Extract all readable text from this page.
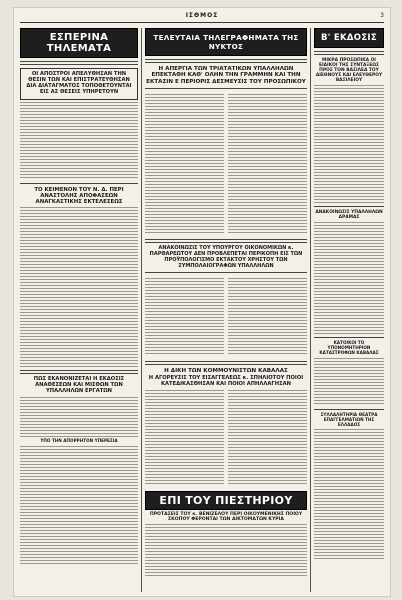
ΙΣΘΜΟΣ	3
ΕΣΠΕΡΙΝΑ ΤΗΛΕΜΑΤΑ
ΟΙ ΑΠΟΣΤΡΟΙ ΑΠΕΛΥΘΗΣΑΝ ΤΗΝ ΘΕΣΙΝ ΤΩΝ ΚΑΙ ΕΠΙΣΤΡΑΤΕΥΘΗΣΑΝ ΔΙΑ ΔΙΑΤΑΓΜΑΤΟΣ ΤΟΠΟΘΕΤΟΥΝΤΑΙ ΕΙΣ ΑΣ ΘΕΣΕΙΣ ΥΠΗΡΕΤΟΥΝ
ΤΟ ΚΕΙΜΕΝΟΝ ΤΟΥ Ν. Δ. ΠΕΡΙ ΑΝΑΣΤΟΛΗΣ ΑΠΟΦΑΣΕΩΝ ΑΝΑΓΚΑΣΤΙΚΗΣ ΕΚΤΕΛΕΣΕΩΣ
ΠΩΣ ΕΚΑΝΟΝΙΖΕΤΑΙ Η ΕΚΔΟΣΙΣ ΑΝΑΘΕΣΕΩΝ ΚΑΙ ΜΙΣΘΩΝ ΤΩΝ ΥΠΑΛΛΗΛΩΝ ΕΡΓΑΤΩΝ
ΥΠΟ ΤΗΝ ΑΠΟΡΡΗΤΟΝ ΥΠΕΡΕΣΙΑ
ΤΕΛΕΥΤΑΙΑ ΤΗΛΕΓΡΑΦΗΜΑΤΑ ΤΗΣ ΝΥΚΤΟΣ
Η ΑΠΕΡΓΙΑ ΤΩΝ ΤΡΙΑΤΑΤΙΚΩΝ ΥΠΑΛΛΗΛΩΝ ΕΠΕΚΤΑΘΗ ΚΑΘ' ΟΛΗΝ ΤΗΝ ΓΡΑΜΜΗΝ ΚΑΙ ΤΗΝ ΕΚΤΑΣΙΝ Ε ΠΕΡΙΟΡΙΣ ΔΕΣΜΕΥΣΙΣ ΤΟΥ ΠΡΟΣΩΠΙΚΟΥ
ΑΝΑΚΟΙΝΩΣΙΣ ΤΟΥ ΥΠΟΥΡΓΟΥ ΟΙΚΟΝΟΜΙΚΩΝ κ. ΠΑΡΘΑΡΕΩΤΟΥ ΔΕΝ ΠΡΟΒΛΕΠΕΤΑΙ ΠΕΡΙΚΟΠΗ ΕΙΣ ΤΩΝ ΠΡΟΫΠΟΛΟΓΙΣΜΟ ΕΚΤΑΚΤΟΥ ΧΡΗΣΤΟΥ ΤΩΝ ΣΥΜΠΟΛΑΙΟΓΡΑΦΩΝ ΥΠΑΛΛΗΛΩΝ
Η ΔΙΚΗ ΤΩΝ ΚΟΜΜΟΥΝΙΣΤΩΝ ΚΑΒΑΛΑΣ
Η ΑΓΟΡΕΥΣΙΣ ΤΟΥ ΕΙΣΑΓΓΕΛΕΩΣ κ. ΣΠΗΛΙΟΤΟΥ ΠΟΙΟΙ ΚΑΤΕΔΙΚΑΣΘΗΣΑΝ ΚΑΙ ΠΟΙΟΙ ΑΠΗΛΛΑΓΗΣΑΝ
ΕΠΙ ΤΟΥ ΠΙΕΣΤΗΡΙΟΥ
ΠΡΟΤΑΣΕΙΣ ΤΟΥ κ. ΒΕΝΙΖΕΛΟΥ ΠΕΡΙ ΟΙΚΟΥΜΕΝΙΚΗΣ ΠΟΙΟΥ ΣΚΟΠΟΥ ΦΕΡΟΝΤΑΙ ΤΩΝ ΔΙΚΤΟΜΑΤΩΝ ΚΥΡΙΑ
Β' ΕΚΔΟΣΙΣ
ΜΙΚΡΑ ΠΡΟΣΩΠΙΚΑ ΟΙ ΕΙΔΙΚΟΙ ΤΗΣ ΣΥΝΤΑΞΕΩΣ ΠΡΟΣ ΤΟΝ ΒΑΣΙΛΕΑ ΤΟΥ ΔΙΕΘΝΟΥΣ ΚΑΙ ΕΛΕΥΘΕΡΟΥ ΒΑΣΙΛΕΙΟΥ
ΑΝΑΚΟΙΝΩΣΙΣ ΥΠΑΛΛΗΛΩΝ ΔΡΑΜΑΣ
ΚΑΤΟΙΚΟΙ ΤΟ ΥΠΟΝΟΜΗΤΗΡΙΟΝ ΚΑΤΑΣΤΡΟΦΩΝ ΚΑΒΑΛΑΣ
ΣΥΛΛΑΛΗΤΗΡΙΑ ΘΕΑΤΡΑ ΕΠΑΓΓΕΛΜΑΤΙΩΝ ΤΗΣ ΕΛΛΑΔΟΣ
